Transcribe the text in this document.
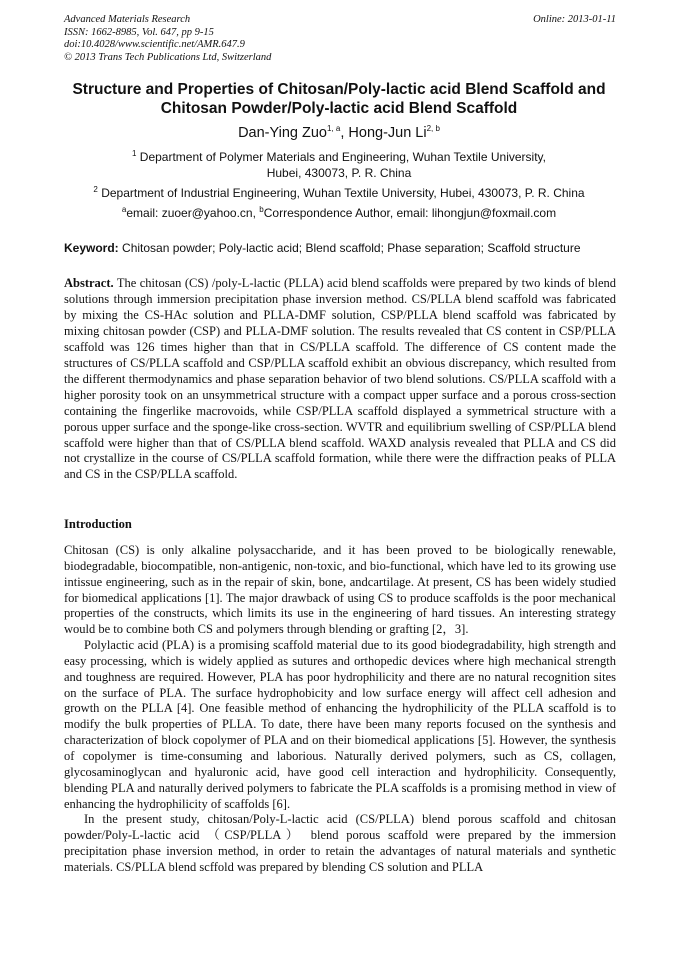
Advanced Materials Research
ISSN: 1662-8985, Vol. 647, pp 9-15
doi:10.4028/www.scientific.net/AMR.647.9
© 2013 Trans Tech Publications Ltd, Switzerland
Online: 2013-01-11
Structure and Properties of Chitosan/Poly-lactic acid Blend Scaffold and
Chitosan Powder/Poly-lactic acid Blend Scaffold
Dan-Ying Zuo$^{1, a}$, Hong-Jun Li$^{2, b}$
$^1$ Department of Polymer Materials and Engineering, Wuhan Textile University,
Hubei, 430073, P. R. China
$^2$ Department of Industrial Engineering, Wuhan Textile University, Hubei, 430073, P. R. China
$^a$email: zuoer@yahoo.cn, $^b$Correspondence Author, email: lihongjun@foxmail.com
Keyword: Chitosan powder; Poly-lactic acid; Blend scaffold; Phase separation; Scaffold structure

Abstract. The chitosan (CS) /poly-L-lactic (PLLA) acid blend scaffolds were prepared by two kinds of blend solutions through immersion precipitation phase inversion method. CS/PLLA blend scaffold was fabricated by mixing the CS-HAc solution and PLLA-DMF solution, CSP/PLLA blend scaffold was fabricated by mixing chitosan powder (CSP) and PLLA-DMF solution. The results revealed that CS content in CSP/PLLA scaffold was 126 times higher than that in CS/PLLA scaffold. The difference of CS content made the structures of CS/PLLA scaffold and CSP/PLLA scaffold exhibit an obvious discrepancy, which resulted from the different thermodynamics and phase separation behavior of two blend solutions. CS/PLLA scaffold with a higher porosity took on an unsymmetrical structure with a compact upper surface and a porous cross-section containing the fingerlike macrovoids, while CSP/PLLA scaffold displayed a symmetrical structure with a porous upper surface and the sponge-like cross-section. WVTR and equilibrium swelling of CSP/PLLA blend scaffold were higher than that of CS/PLLA blend scaffold. WAXD analysis revealed that PLLA and CS did not crystallize in the course of CS/PLLA scaffold formation, while there were the diffraction peaks of PLLA and CS in the CSP/PLLA scaffold.

Introduction

Chitosan (CS) is only alkaline polysaccharide, and it has been proved to be biologically renewable, biodegradable, biocompatible, non-antigenic, non-toxic, and bio-functional, which have led to its growing use intissue engineering, such as in the repair of skin, bone, andcartilage. At present, CS has been widely studied for biomedical applications [1]. The major drawback of using CS to produce scaffolds is the poor mechanical properties of the constructs, which limits its use in the engineering of hard tissues. An interesting strategy would be to combine both CS and polymers through blending or grafting [2，3].

Polylactic acid (PLA) is a promising scaffold material due to its good biodegradability, high strength and easy processing, which is widely applied as sutures and orthopedic devices where high mechanical strength and toughness are required. However, PLA has poor hydrophilicity and there are no natural recognition sites on the surface of PLA. The surface hydrophobicity and low surface energy will affect cell adhesion and growth on the PLLA [4]. One feasible method of enhancing the hydrophilicity of the PLLA scaffold is to modify the bulk properties of PLLA. To date, there have been many reports focused on the synthesis and characterization of block copolymer of PLA and on their biomedical applications [5]. However, the synthesis of copolymer is time-consuming and laborious. Naturally derived polymers, such as CS, collagen, glycosaminoglycan and hyaluronic acid, have good cell interaction and hydrophilicity. Consequently, blending PLA and naturally derived polymers to fabricate the PLA scaffolds is a promising method in view of enhancing the hydrophilicity of scaffolds [6].

In the present study, chitosan/Poly-L-lactic acid (CS/PLLA) blend porous scaffold and chitosan powder/Poly-L-lactic acid （CSP/PLLA） blend porous scaffold were prepared by the immersion precipitation phase inversion method, in order to retain the advantages of natural materials and synthetic materials. CS/PLLA blend scffold was prepared by blending CS solution and PLLA
